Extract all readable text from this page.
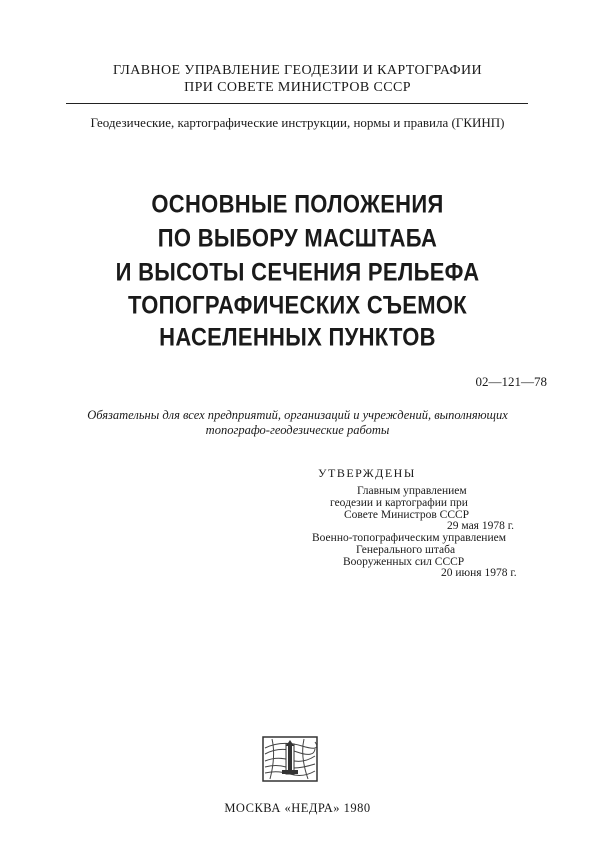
ГЛАВНОЕ УПРАВЛЕНИЕ ГЕОДЕЗИИ И КАРТОГРАФИИ
ПРИ СОВЕТЕ МИНИСТРОВ СССР
Геодезические, картографические инструкции, нормы и правила (ГКИНП)
ОСНОВНЫЕ ПОЛОЖЕНИЯ
ПО ВЫБОРУ МАСШТАБА
И ВЫСОТЫ СЕЧЕНИЯ РЕЛЬЕФА
ТОПОГРАФИЧЕСКИХ СЪЕМОК
НАСЕЛЕННЫХ ПУНКТОВ
02—121—78
Обязательны для всех предприятий, организаций и учреждений, выполняющих
топографо-геодезические работы
УТВЕРЖДЕНЫ
Главным управлением
геодезии и картографии при
Совете Министров СССР
29 мая 1978 г.
Военно-топографическим управлением
Генерального штаба
Вооруженных сил СССР
20 июня 1978 г.
МОСКВА «НЕДРА» 1980
